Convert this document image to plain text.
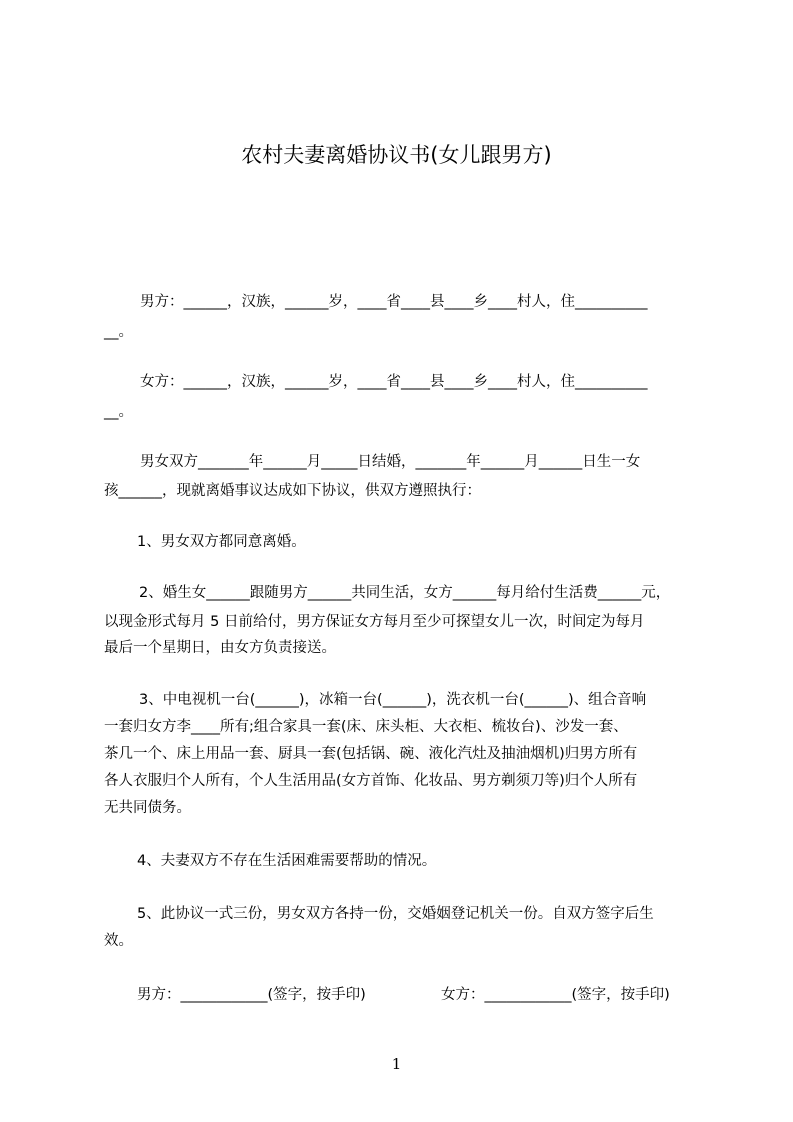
农村夫妻离婚协议书(女儿跟男方)
男方：______，汉族，______岁，____省____县____乡____村人，住__________
__。
女方：______，汉族，______岁，____省____县____乡____村人，住__________
__。
男女双方_______年______月_____日结婚，_______年______月______日生一女
孩______，现就离婚事议达成如下协议，供双方遵照执行：
1、男女双方都同意离婚。
2、婚生女______跟随男方______共同生活，女方______每月给付生活费______元，
以现金形式每月 5 日前给付，男方保证女方每月至少可探望女儿一次，时间定为每月
最后一个星期日，由女方负责接送。
3、中电视机一台(______)，冰箱一台(______)，洗衣机一台(______)、组合音响
一套归女方李____所有;组合家具一套(床、床头柜、大衣柜、梳妆台)、沙发一套、
茶几一个、床上用品一套、厨具一套(包括锅、碗、液化汽灶及抽油烟机)归男方所有
各人衣服归个人所有，个人生活用品(女方首饰、化妆品、男方剃须刀等)归个人所有
无共同债务。
4、夫妻双方不存在生活困难需要帮助的情况。
5、此协议一式三份，男女双方各持一份，交婚姻登记机关一份。自双方签字后生
效。
男方：____________(签字，按手印)	女方：____________(签字，按手印)
1
